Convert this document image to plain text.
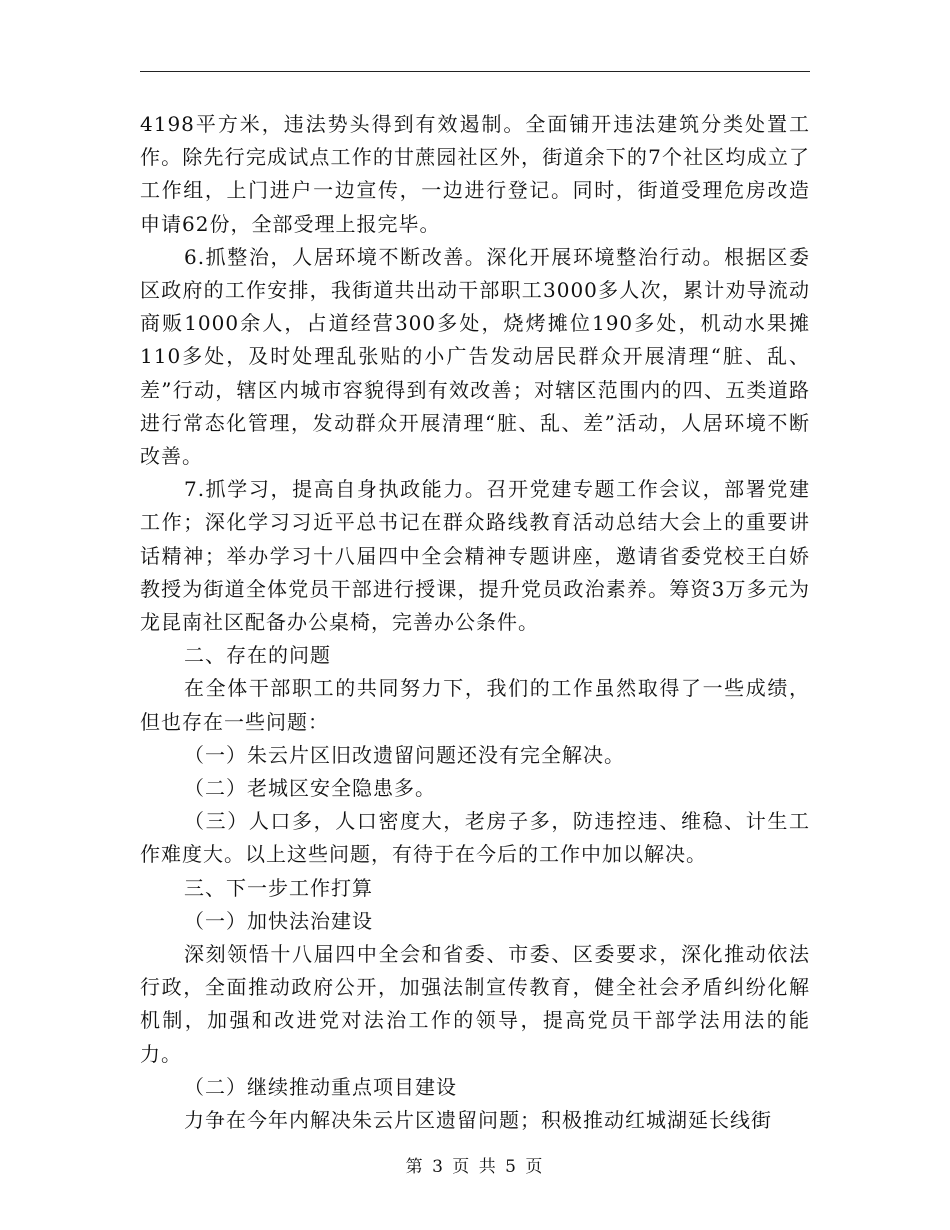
4198平方米，违法势头得到有效遏制。全面铺开违法建筑分类处置工作。除先行完成试点工作的甘蔗园社区外，街道余下的7个社区均成立了工作组，上门进户一边宣传，一边进行登记。同时，街道受理危房改造申请62份，全部受理上报完毕。

6.抓整治，人居环境不断改善。深化开展环境整治行动。根据区委区政府的工作安排，我街道共出动干部职工3000多人次，累计劝导流动商贩1000余人，占道经营300多处，烧烤摊位190多处，机动水果摊110多处，及时处理乱张贴的小广告发动居民群众开展清理“脏、乱、差”行动，辖区内城市容貌得到有效改善；对辖区范围内的四、五类道路进行常态化管理，发动群众开展清理“脏、乱、差”活动，人居环境不断改善。

7.抓学习，提高自身执政能力。召开党建专题工作会议，部署党建工作；深化学习习近平总书记在群众路线教育活动总结大会上的重要讲话精神；举办学习十八届四中全会精神专题讲座，邀请省委党校王白娇教授为街道全体党员干部进行授课，提升党员政治素养。筹资3万多元为龙昆南社区配备办公桌椅，完善办公条件。

二、存在的问题

在全体干部职工的共同努力下，我们的工作虽然取得了一些成绩，但也存在一些问题：

（一）朱云片区旧改遗留问题还没有完全解决。

（二）老城区安全隐患多。

（三）人口多，人口密度大，老房子多，防违控违、维稳、计生工作难度大。以上这些问题，有待于在今后的工作中加以解决。

三、下一步工作打算

（一）加快法治建设

深刻领悟十八届四中全会和省委、市委、区委要求，深化推动依法行政，全面推动政府公开，加强法制宣传教育，健全社会矛盾纠纷化解机制，加强和改进党对法治工作的领导，提高党员干部学法用法的能力。

（二）继续推动重点项目建设

力争在今年内解决朱云片区遗留问题；积极推动红城湖延长线街

第 3 页 共 5 页
